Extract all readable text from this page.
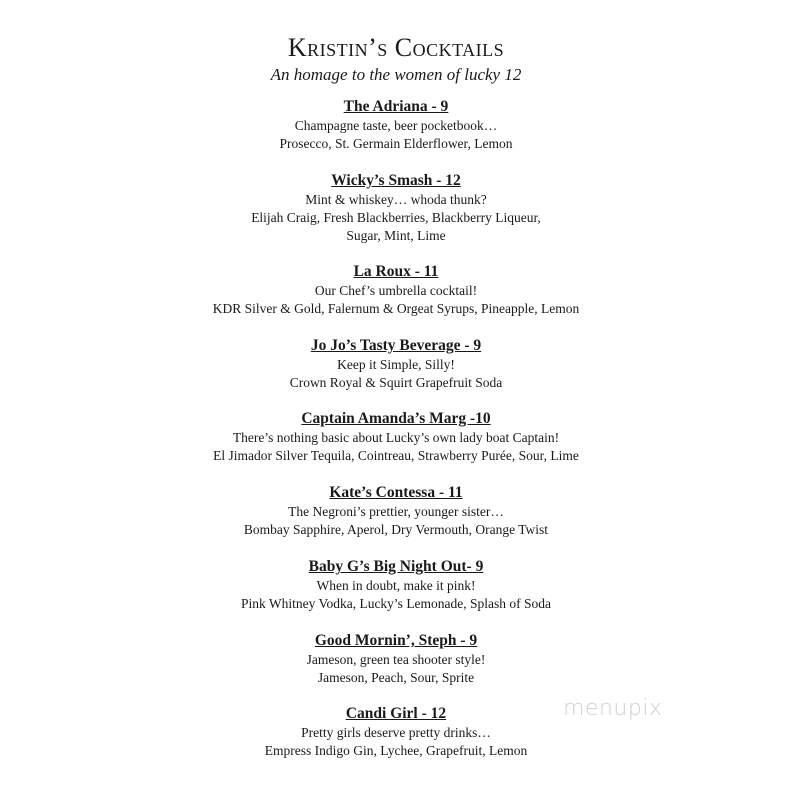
Kristin’s Cocktails
An homage to the women of lucky 12
The Adriana - 9
Champagne taste, beer pocketbook…
Prosecco, St. Germain Elderflower, Lemon
Wicky’s Smash - 12
Mint & whiskey… whoda thunk?
Elijah Craig, Fresh Blackberries, Blackberry Liqueur,
Sugar, Mint, Lime
La Roux - 11
Our Chef’s umbrella cocktail!
KDR Silver & Gold, Falernum & Orgeat Syrups, Pineapple, Lemon
Jo Jo’s Tasty Beverage - 9
Keep it Simple, Silly!
Crown Royal & Squirt Grapefruit Soda
Captain Amanda’s Marg -10
There’s nothing basic about Lucky’s own lady boat Captain!
El Jimador Silver Tequila, Cointreau, Strawberry Purée, Sour, Lime
Kate’s Contessa - 11
The Negroni’s prettier, younger sister…
Bombay Sapphire, Aperol, Dry Vermouth, Orange Twist
Baby G’s Big Night Out- 9
When in doubt, make it pink!
Pink Whitney Vodka, Lucky’s Lemonade, Splash of Soda
Good Mornin’, Steph - 9
Jameson, green tea shooter style!
Jameson, Peach, Sour, Sprite
Candi Girl - 12
Pretty girls deserve pretty drinks…
Empress Indigo Gin, Lychee, Grapefruit, Lemon
menupix
